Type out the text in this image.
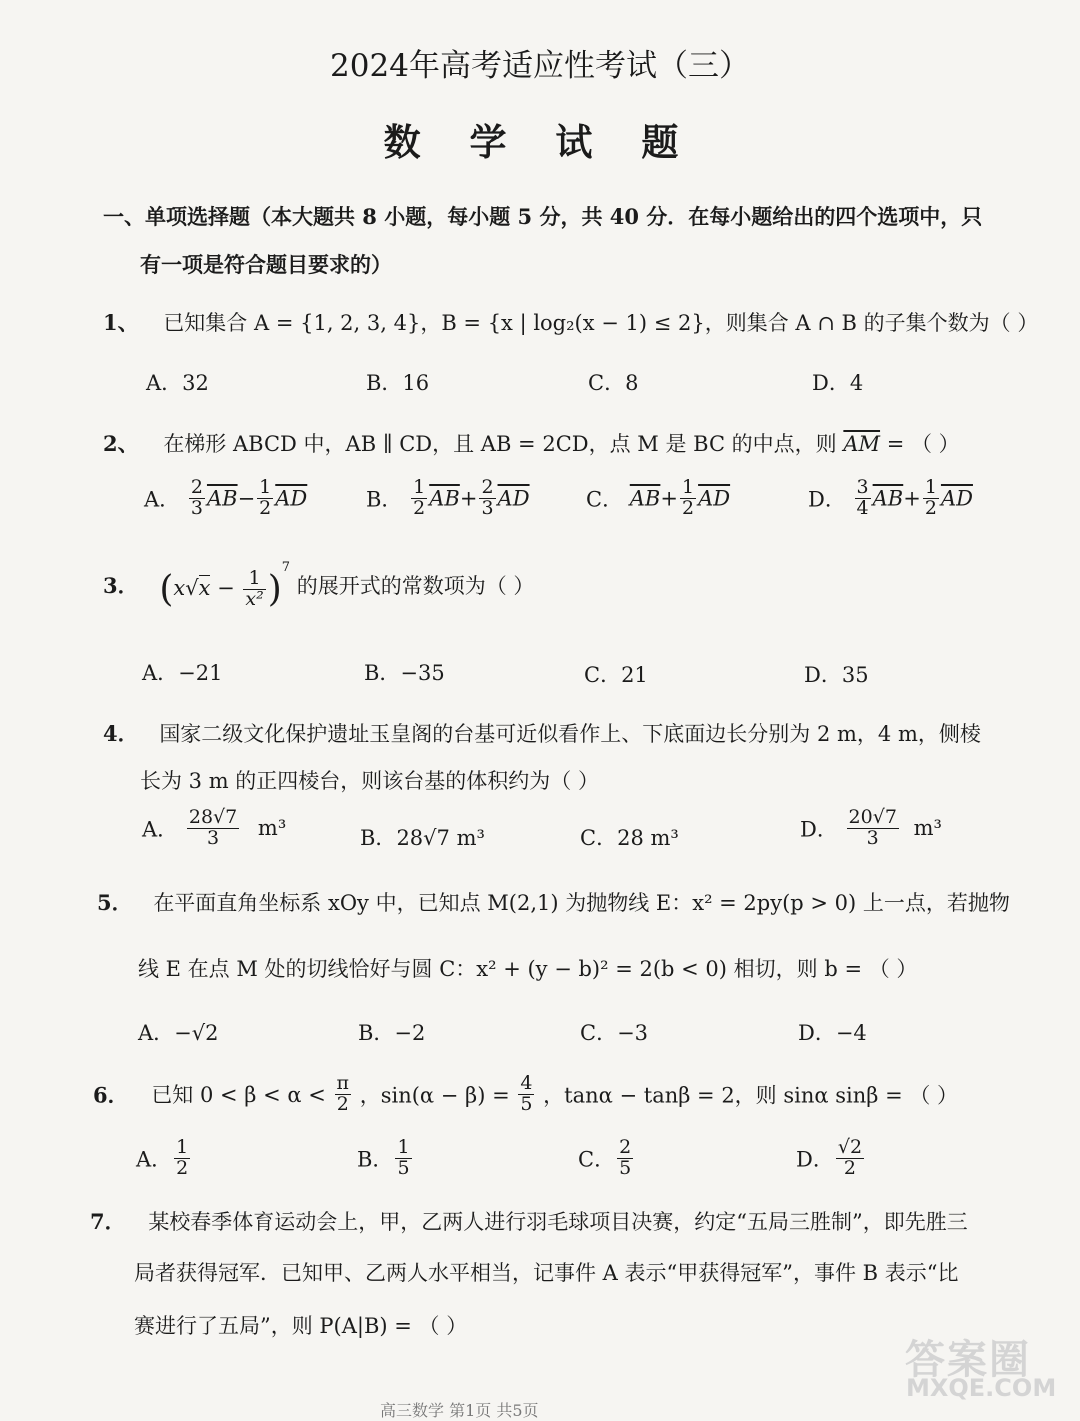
2024年高考适应性考试（三）
数 学 试 题
一、单项选择题（本大题共 8 小题，每小题 5 分，共 40 分．在每小题给出的四个选项中，只
有一项是符合题目要求的）
1、 已知集合 A = {1, 2, 3, 4}，B = {x | log₂(x − 1) ≤ 2}，则集合 A ∩ B 的子集个数为（ ）
A．32	B．16	C．8	D．4
2、 在梯形 ABCD 中，AB ∥ CD，且 AB = 2CD，点 M 是 BC 的中点，则 $\overline{AM}$ = （ ）
A． $\frac{2}{3} \overline{AB}- \frac{1}{2} \overline{AD}$	B． $\frac{1}{2} \overline{AB}+ \frac{2}{3} \overline{AD}$	C． $\overline{AB}+ \frac{1}{2} \overline{AD}$	D． $\frac{3}{4} \overline{AB}+ \frac{1}{2} \overline{AD}$
3． $(x√x - \frac{1}{\text{x²}} )^7$ 的展开式的常数项为（ ）
A．−21	B．−35	C．21	D．35
4． 国家二级文化保护遗址玉皇阁的台基可近似看作上、下底面边长分别为 2 m，4 m，侧棱
长为 3 m 的正四棱台，则该台基的体积约为（ ）
A． $\frac{28√7}{3} m^3$	B．28√7 m³	C．28 m³	D． $\frac{20√7}{3} m^3$
5． 在平面直角坐标系 xOy 中，已知点 M(2,1) 为抛物线 E：x² = 2py(p > 0) 上一点，若抛物
线 E 在点 M 处的切线恰好与圆 C：x² + (y − b)² = 2(b < 0) 相切，则 b = （ ）
A．−√2	B．−2	C．−3	D．−4
6． 已知 $0 < \beta < \alpha < \frac{\pi}{2}$ ，$\sin(\alpha - \beta) = \frac{4}{5}$ ，tanα − tanβ = 2，则 sinα sinβ = （ ）
A． $\frac{1}{2}$	B． $\frac{1}{5}$	C． $\frac{2}{5}$	D． $\frac{√2}{2}$
7． 某校春季体育运动会上，甲，乙两人进行羽毛球项目决赛，约定“五局三胜制”，即先胜三
局者获得冠军．已知甲、乙两人水平相当，记事件 A 表示“甲获得冠军”，事件 B 表示“比
赛进行了五局”，则 P(A|B) = （ ）
答案圈
MXQE.COM
高三数学 第1页 共5页
